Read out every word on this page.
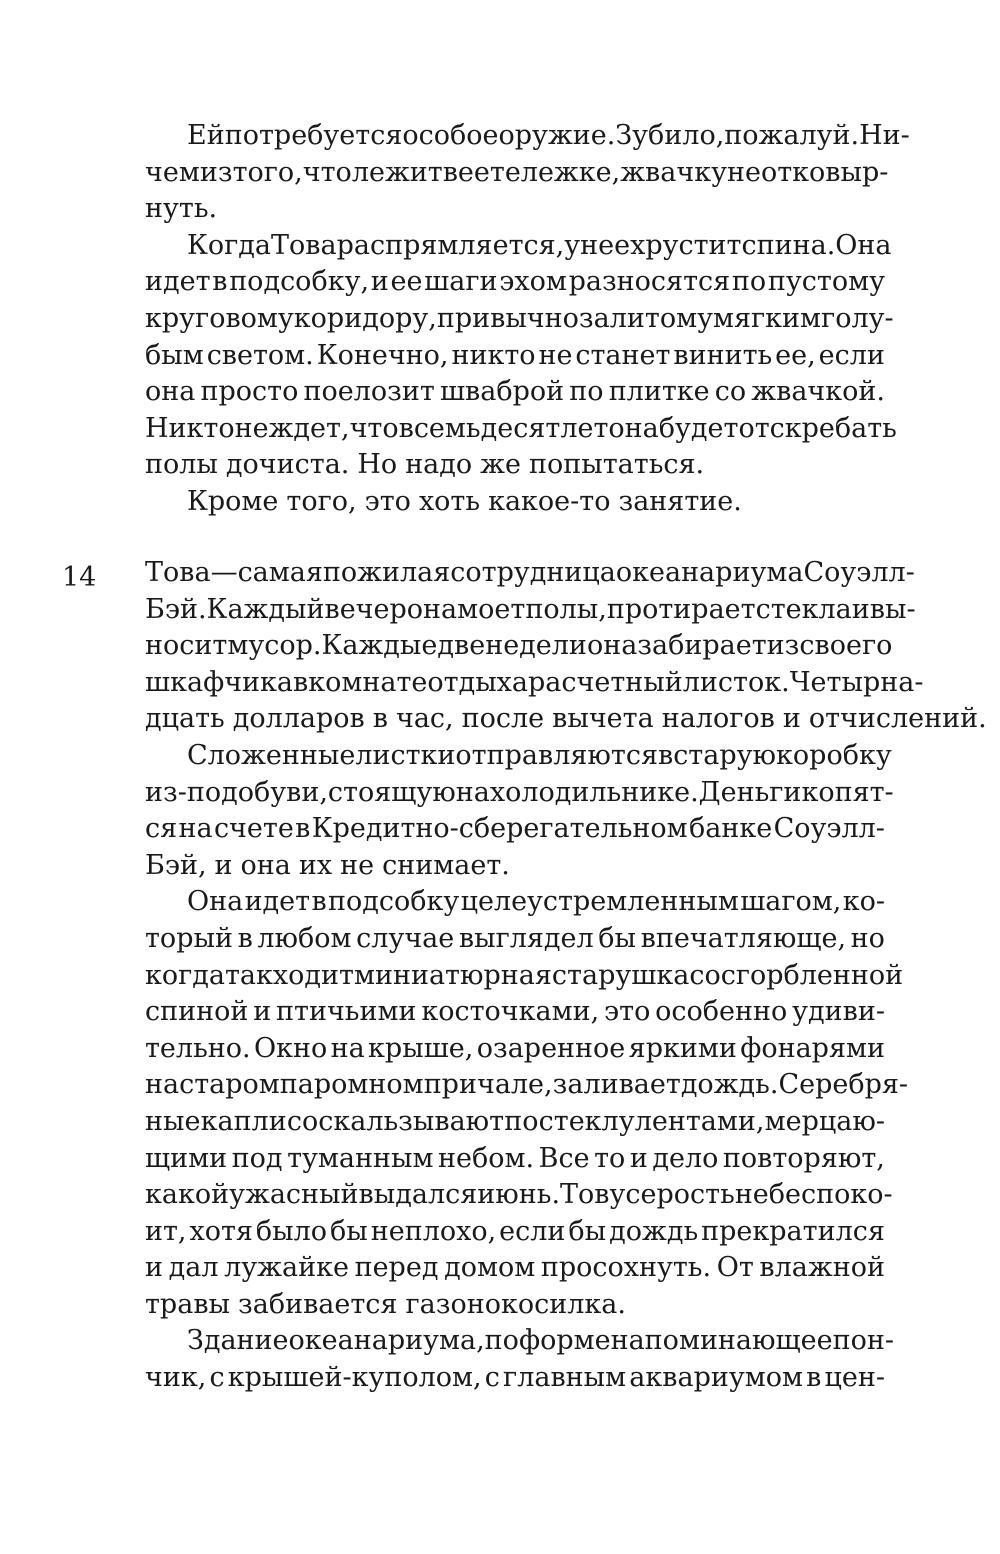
Ей потребуется особое оружие. Зубило, пожалуй. Ни-
чем из того, что лежит в ее тележке, жвачку не отковыр-
нуть.
Когда Това распрямляется, у нее хрустит спина. Она
идет в подсобку, и ее шаги эхом разносятся по пустому
круговому коридору, привычно залитому мягким голу-
бым светом. Конечно, никто не станет винить ее, если
она просто поелозит шваброй по плитке со жвачкой.
Никто не ждет, что в семьдесят лет она будет отскребать
полы дочиста. Но надо же попытаться.
Кроме того, это хоть какое-то занятие.
14 Това — самая пожилая сотрудница океанариума Соуэлл-
Бэй. Каждый вечер она моет полы, протирает стекла и вы-
носит мусор. Каждые две недели она забирает из своего
шкафчика в комнате отдыха расчетный листок. Четырна-
дцать долларов в час, после вычета налогов и отчислений.
Сложенные листки отправляются в старую коробку
из-под обуви, стоящую на холодильнике. Деньги копят-
ся на счете в Кредитно-сберегательном банке Соуэлл-
Бэй, и она их не снимает.
Она идет в подсобку целеустремленным шагом, ко-
торый в любом случае выглядел бы впечатляюще, но
когда так ходит миниатюрная старушка со сгорбленной
спиной и птичьими косточками, это особенно удиви-
тельно. Окно на крыше, озаренное яркими фонарями
на старом паромном причале, заливает дождь. Серебря-
ные капли соскальзывают по стеклу лентами, мерцаю-
щими под туманным небом. Все то и дело повторяют,
какой ужасный выдался июнь. Тову серость не беспоко-
ит, хотя было бы неплохо, если бы дождь прекратился
и дал лужайке перед домом просохнуть. От влажной
травы забивается газонокосилка.
Здание океанариума, по форме напоминающее пон-
чик, с крышей-куполом, с главным аквариумом в цен-
